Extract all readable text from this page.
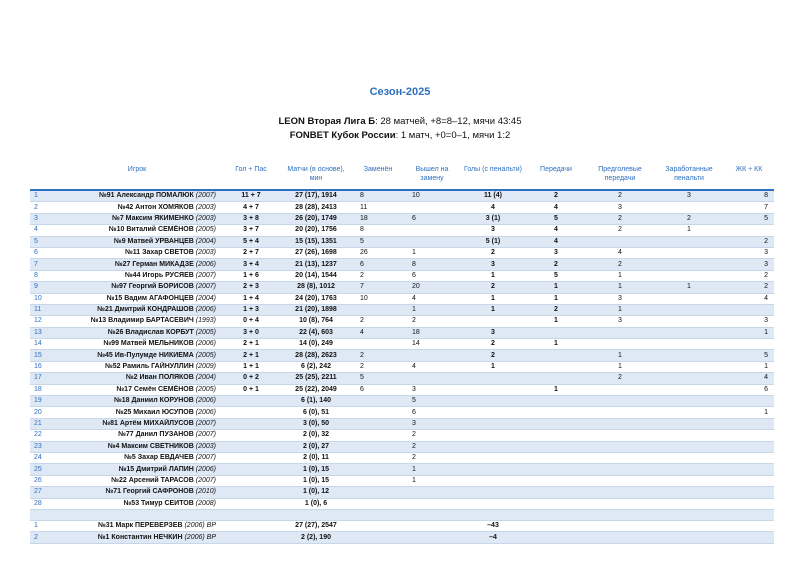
Сезон-2025
LEON Вторая Лига Б: 28 матчей, +8=8–12, мячи 43:45
FONBET Кубок России: 1 матч, +0=0–1, мячи 1:2
	Игрок	Гол + Пас	Матчи (в основе), мин	Заменён	Вышел на замену	Голы (с пенальти)	Передачи	Предголевые передачи	Заработанные пенальти	ЖК + КК
1	№91 Александр ПОМАЛЮК (2007)	11 + 7	27 (17), 1914	8	10	11 (4)	2	2	3	8
2	№42 Антон ХОМЯКОВ (2003)	4 + 7	28 (28), 2413	11		4	4	3		7
3	№7 Максим ЯКИМЕНКО (2003)	3 + 8	26 (20), 1749	18	6	3 (1)	5	2	2	5
4	№10 Виталий СЕМЁНОВ (2005)	3 + 7	20 (20), 1756	8		3	4	2	1	
5	№9 Матвей УРВАНЦЕВ (2004)	5 + 4	15 (15), 1351	5		5 (1)	4			2
6	№11 Захар СВЕТОВ (2003)	2 + 7	27 (26), 1698	26	1	2	3	4		3
7	№27 Герман МИКАДЗЕ (2006)	3 + 4	21 (13), 1237	6	8	3	2	2		3
8	№44 Игорь РУСЯЕВ (2007)	1 + 6	20 (14), 1544	2	6	1	5	1		2
9	№97 Георгий БОРИСОВ (2007)	2 + 3	28 (8), 1012	7	20	2	1	1	1	2
10	№15 Вадим АГАФОНЦЕВ (2004)	1 + 4	24 (20), 1763	10	4	1	1	3		4
11	№21 Дмитрий КОНДРАШОВ (2006)	1 + 3	21 (20), 1898		1	1	2	1		
12	№13 Владимир БАРТАСЕВИЧ (1993)	0 + 4	10 (8), 764	2	2		1	3		3
13	№26 Владислав КОРБУТ (2005)	3 + 0	22 (4), 603	4	18	3				1
14	№99 Матвей МЕЛЬНИКОВ (2006)	2 + 1	14 (0), 249		14	2	1			
15	№45 Ив-Пулумде НИКИЕМА (2005)	2 + 1	28 (28), 2623	2		2		1		5
16	№52 Рамиль ГАЙНУЛЛИН (2009)	1 + 1	6 (2), 242	2	4	1		1		1
17	№2 Иван ПОЛЯКОВ (2004)	0 + 2	25 (25), 2211	5				2		4
18	№17 Семён СЕМЁНОВ (2005)	0 + 1	25 (22), 2049	6	3		1			6
19	№18 Даниил КОРУНОВ (2006)		6 (1), 140		5					
20	№25 Михаил ЮСУПОВ (2006)		6 (0), 51		6					1
21	№81 Артём МИХАЙЛУСОВ (2007)		3 (0), 50		3					
22	№77 Данил ПУЗАНОВ (2007)		2 (0), 32		2					
23	№4 Максим СВЕТНИКОВ (2003)		2 (0), 27		2					
24	№5 Захар ЕВДАЧЕВ (2007)		2 (0), 11		2					
25	№15 Дмитрий ЛАПИН (2006)		1 (0), 15		1					
26	№22 Арсений ТАРАСОВ (2007)		1 (0), 15		1					
27	№71 Георгий САФРОНОВ (2010)		1 (0), 12							
28	№53 Тимур СЕИТОВ (2008)		1 (0), 6							

1	№31 Марк ПЕРЕВЕРЗЕВ (2006) ВР		27 (27), 2547			–43				
2	№1 Константин НЕЧКИН (2006) ВР		2 (2), 190			–4				
